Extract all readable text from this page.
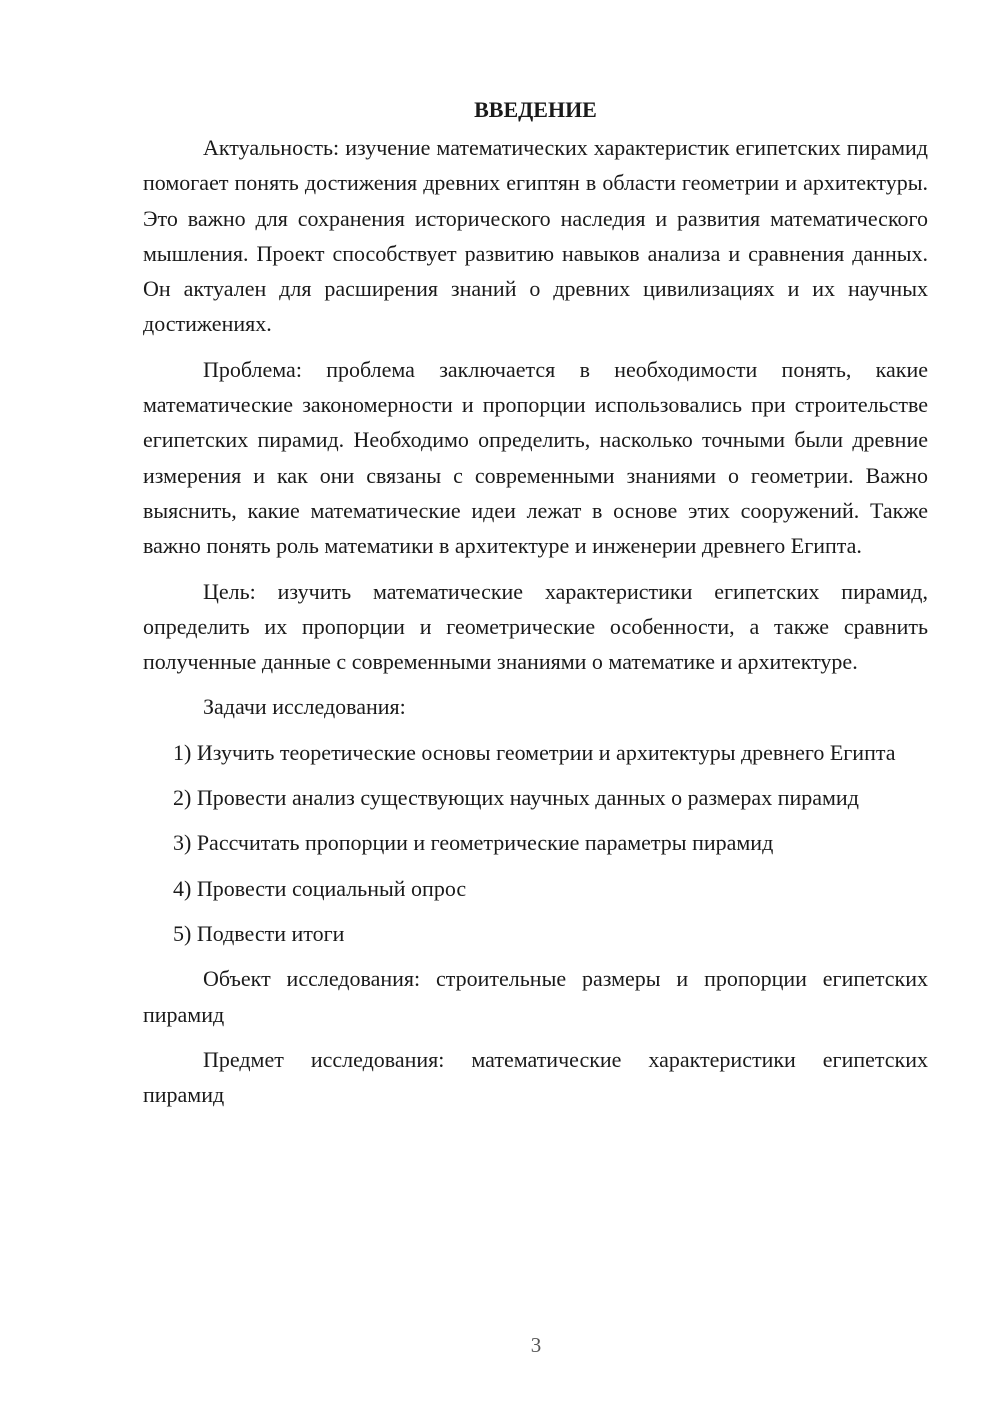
ВВЕДЕНИЕ

Актуальность: изучение математических характеристик египетских пирамид помогает понять достижения древних египтян в области геометрии и архитектуры. Это важно для сохранения исторического наследия и развития математического мышления. Проект способствует развитию навыков анализа и сравнения данных. Он актуален для расширения знаний о древних цивилизациях и их научных достижениях.

Проблема: проблема заключается в необходимости понять, какие математические закономерности и пропорции использовались при строительстве египетских пирамид. Необходимо определить, насколько точными были древние измерения и как они связаны с современными знаниями о геометрии. Важно выяснить, какие математические идеи лежат в основе этих сооружений. Также важно понять роль математики в архитектуре и инженерии древнего Египта.

Цель: изучить математические характеристики египетских пирамид, определить их пропорции и геометрические особенности, а также сравнить полученные данные с современными знаниями о математике и архитектуре.

Задачи исследования:

1) Изучить теоретические основы геометрии и архитектуры древнего Египта

2) Провести анализ существующих научных данных о размерах пирамид

3) Рассчитать пропорции и геометрические параметры пирамид

4) Провести социальный опрос

5) Подвести итоги

Объект исследования: строительные размеры и пропорции египетских пирамид

Предмет исследования: математические характеристики египетских пирамид

3
